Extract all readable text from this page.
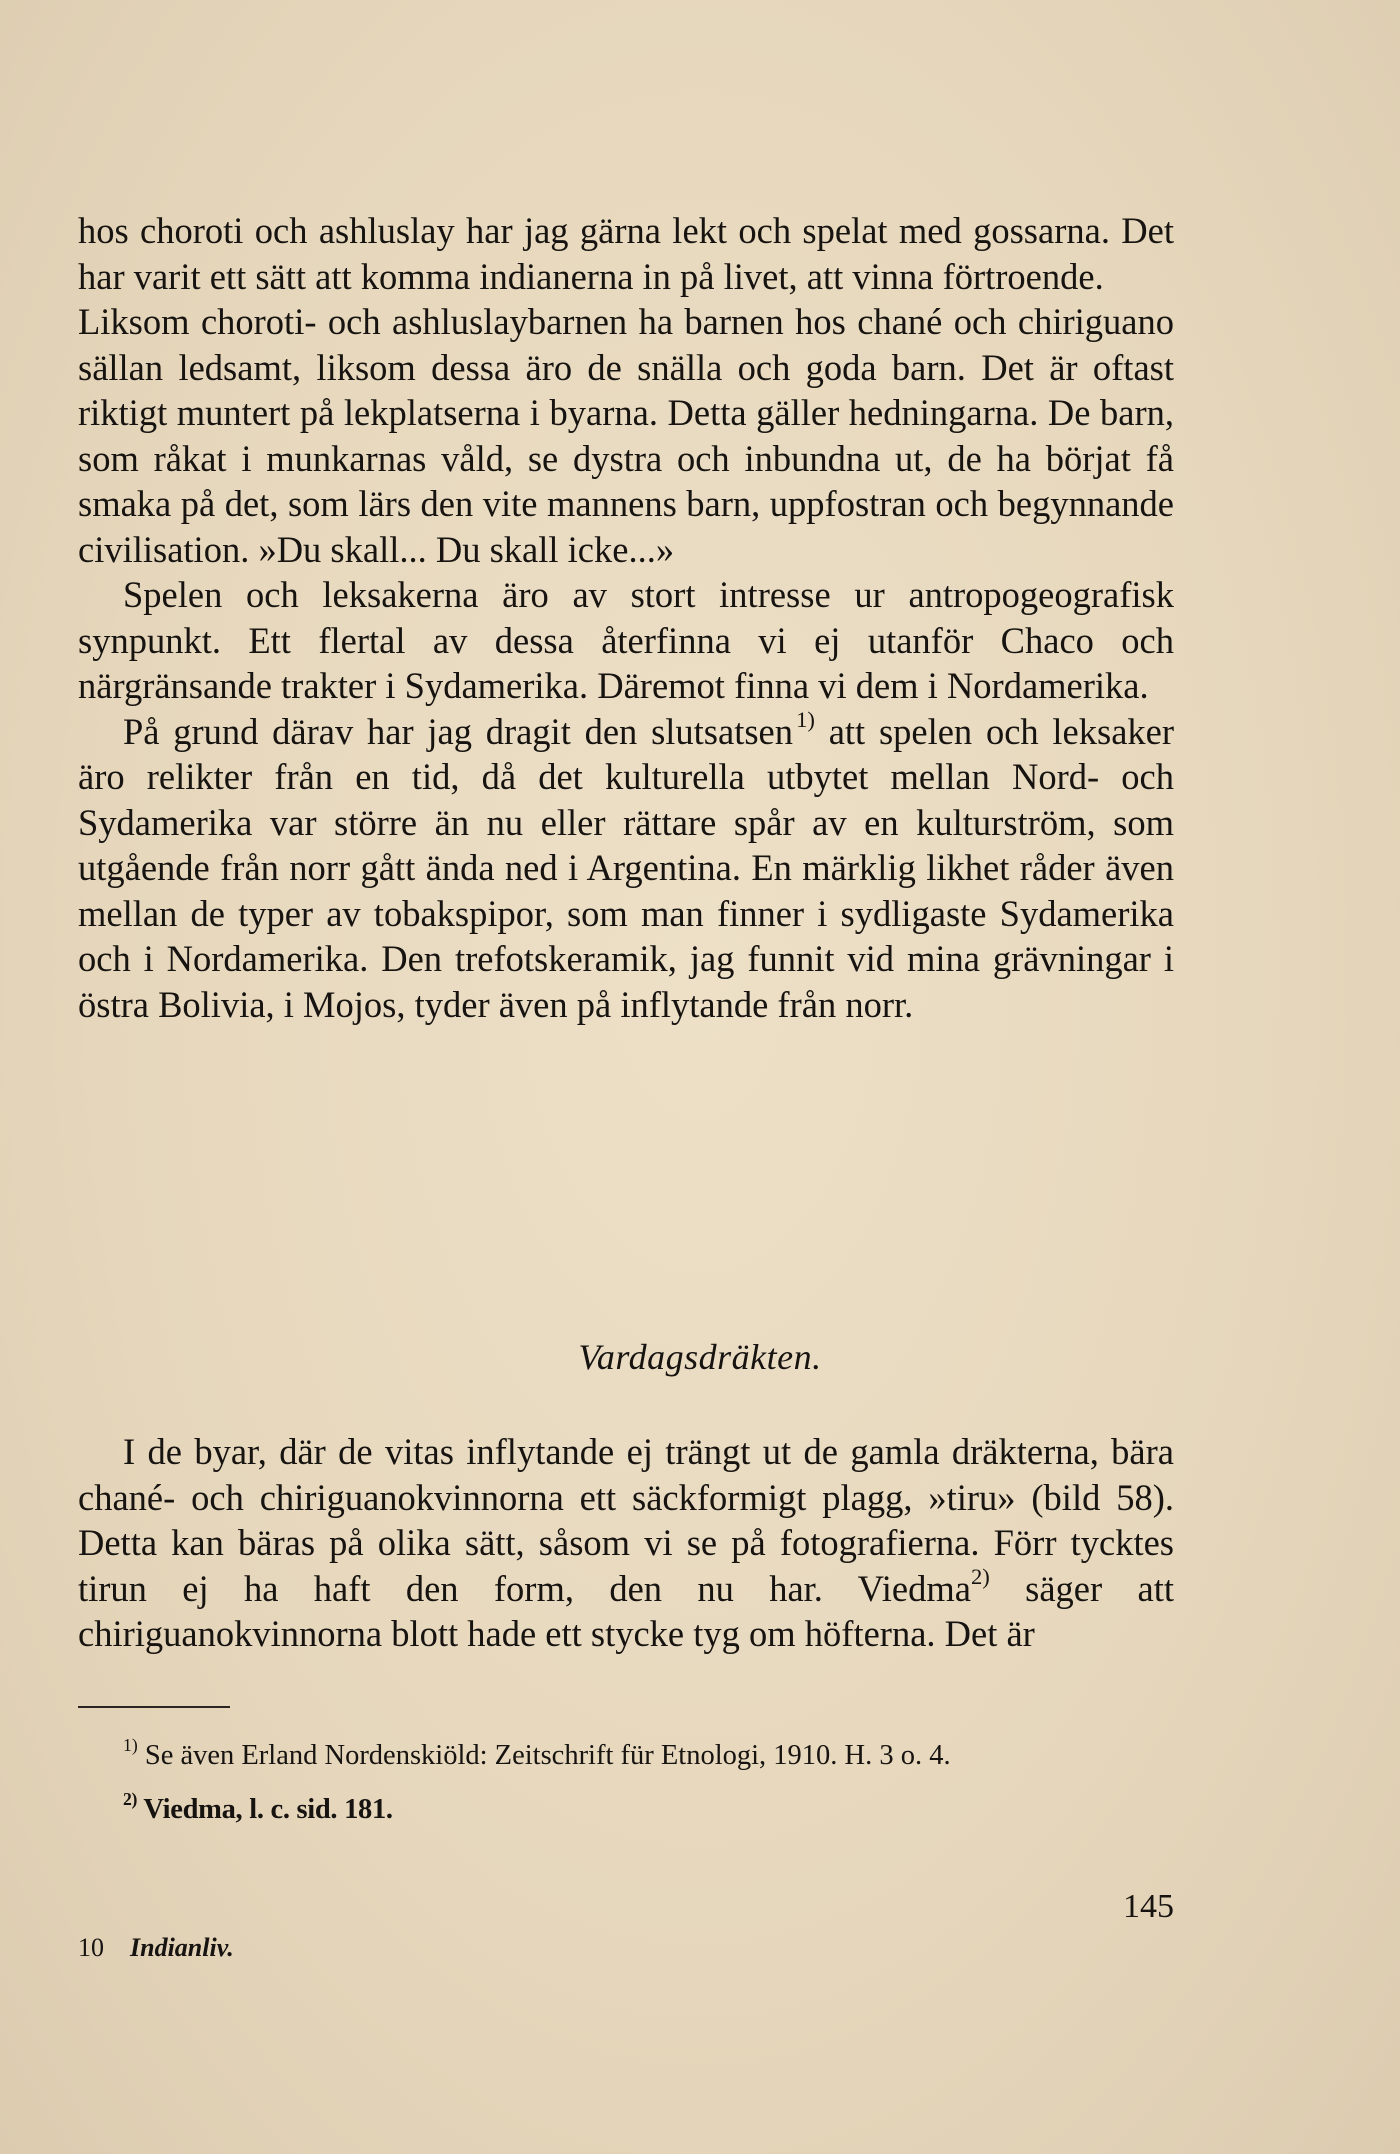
hos choroti och ashluslay har jag gärna lekt och spelat med gossarna. Det har varit ett sätt att komma indianerna in på livet, att vinna förtroende.

Liksom choroti- och ashluslaybarnen ha barnen hos chané och chiriguano sällan ledsamt, liksom dessa äro de snälla och goda barn. Det är oftast riktigt muntert på lekplatserna i byarna. Detta gäller hedningarna. De barn, som råkat i munkarnas våld, se dystra och inbundna ut, de ha börjat få smaka på det, som lärs den vite mannens barn, uppfostran och begynnande civilisation. »Du skall... Du skall icke...»

Spelen och leksakerna äro av stort intresse ur antropogeografisk synpunkt. Ett flertal av dessa återfinna vi ej utanför Chaco och närgränsande trakter i Sydamerika. Däremot finna vi dem i Nordamerika.

På grund därav har jag dragit den slutsatsen  $^{1)}$ att spelen och leksaker äro relikter från en tid, då det kulturella utbytet mellan Nord- och Sydamerika var större än nu eller rättare spår av en kulturström, som utgående från norr gått ända ned i Argentina. En märklig likhet råder även mellan de typer av tobakspipor, som man finner i sydligaste Sydamerika och i Nordamerika. Den trefotskeramik, jag funnit vid mina grävningar i östra Bolivia, i Mojos, tyder även på inflytande från norr.

Vardagsdräkten.

I de byar, där de vitas inflytande ej trängt ut de gamla dräkterna, bära chané- och chiriguanokvinnorna ett säckformigt plagg, »tiru» (bild 58). Detta kan bäras på olika sätt, såsom vi se på fotografierna. Förr tycktes tirun ej ha haft den form, den nu har. Viedma$^{2)}$ säger att chiriguanokvinnorna blott hade ett stycke tyg om höfterna. Det är

$^{1)}$ Se även Erland Nordenskiöld: Zeitschrift für Etnologi, 1910. H. 3 o. 4.

$^{2)}$ Viedma, l. c. sid. 181.

145
10 Indianliv.
